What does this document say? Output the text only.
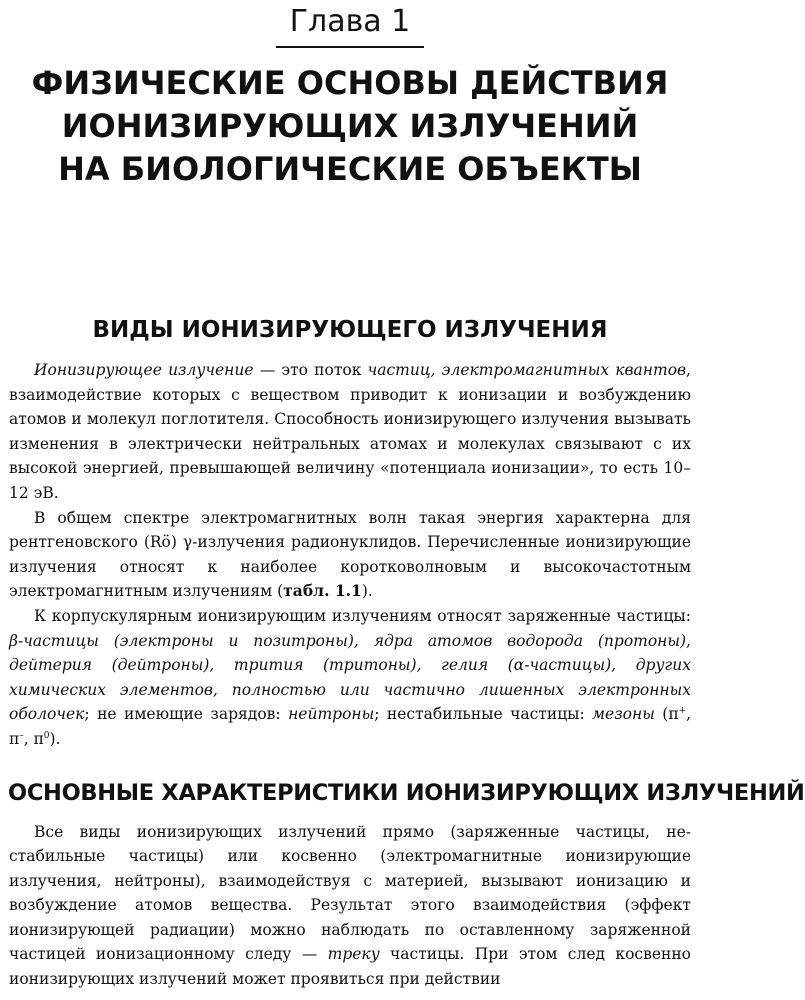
Глава 1
ФИЗИЧЕСКИЕ ОСНОВЫ ДЕЙСТВИЯ
ИОНИЗИРУЮЩИХ ИЗЛУЧЕНИЙ
НА БИОЛОГИЧЕСКИЕ ОБЪЕКТЫ
ВИДЫ ИОНИЗИРУЮЩЕГО ИЗЛУЧЕНИЯ

Ионизирующее излучение — это поток частиц, электромагнитных квантов, взаимодействие которых с веществом приводит к ионизации и возбуждению атомов и молекул поглотителя. Способность ионизирующего излучения вызывать изменения в электрически нейтральных атомах и молекулах связывают с их высокой энергией, превышающей величину «потенциала ионизации», то есть 10–12 эВ.

В общем спектре электромагнитных волн такая энергия характерна для рентгеновского (Rö) γ-излучения радионуклидов. Перечисленные ионизирующие излучения относят к наиболее коротковолновым и высокочастотным электромагнитным излучениям (табл. 1.1).

К корпускулярным ионизирующим излучениям относят заряженные частицы: β-частицы (электроны и позитроны), ядра атомов водорода (протоны), дейтерия (дейтроны), трития (тритоны), гелия (α-частицы), других химических элементов, полностью или частично лишенных электронных оболочек; не имеющие зарядов: нейтроны; нестабильные частицы: мезоны (π+, π–, $\pi^0$).

ОСНОВНЫЕ ХАРАКТЕРИСТИКИ ИОНИЗИРУЮЩИХ ИЗЛУЧЕНИЙ

Все виды ионизирующих излучений прямо (заряженные частицы, нестабильные частицы) или косвенно (электромагнитные ионизирующие излучения, нейтроны), взаимодействуя с материей, вызывают ионизацию и возбуждение атомов вещества. Результат этого взаимодействия (эффект ионизирующей радиации) можно наблюдать по оставленному заряженной частицей ионизационному следу — треку частицы. При этом след косвенно ионизирующих излучений может проявиться при действии
